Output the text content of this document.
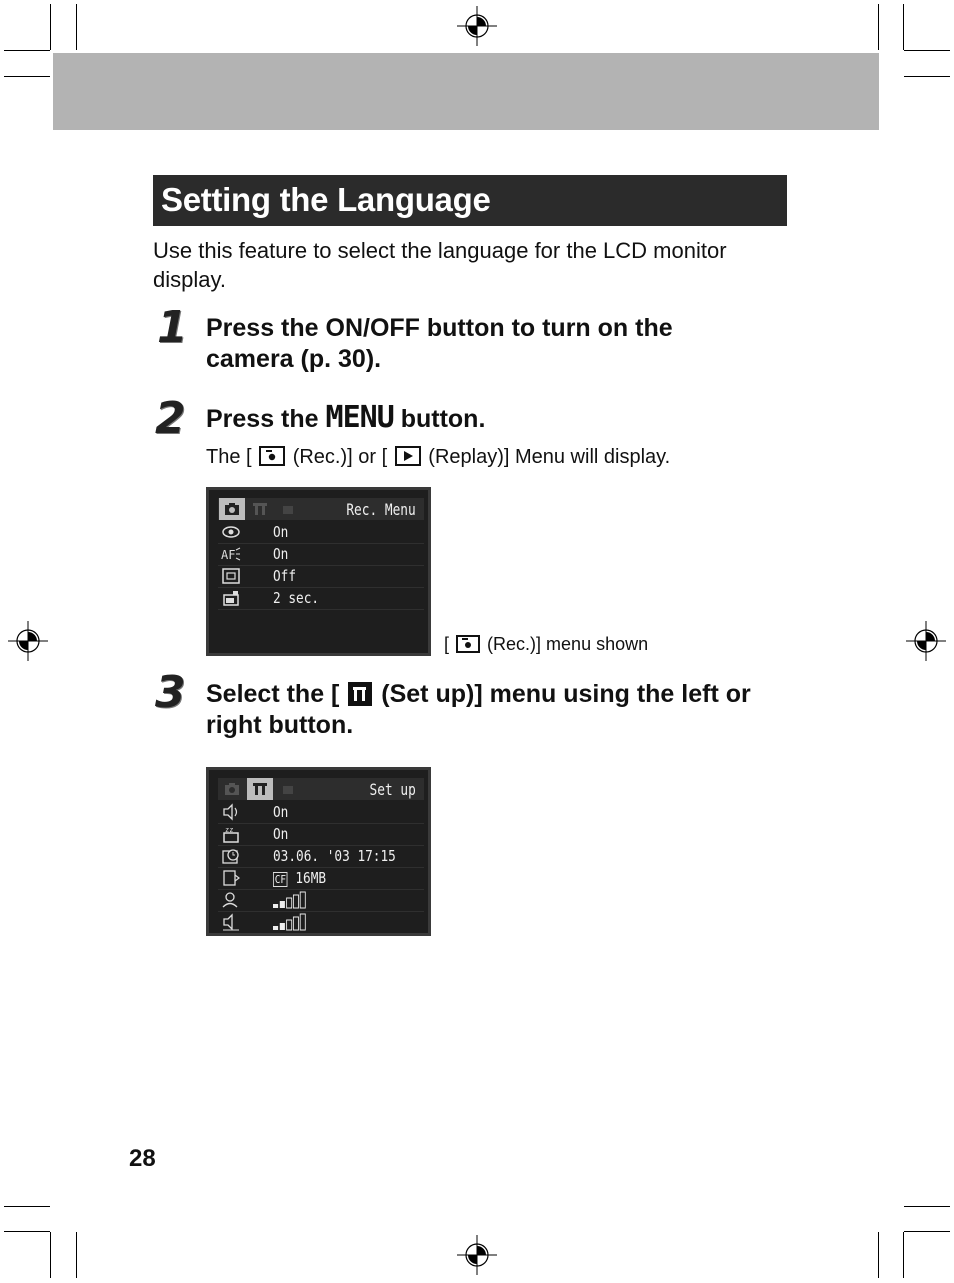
Setting the Language
Use this feature to select the language for the LCD monitor display.
1 Press the ON/OFF button to turn on the camera (p. 30).
2 Press the MENU button.
The [ (Rec.)] or [ (Replay)] Menu will display.
Rec. Menu
On
AF	On
Off
2 sec.
[ (Rec.)] menu shown
3 Select the [ (Set up)] menu using the left or right button.
Set up
On
zz	On
03.06. '03 17:15
CF 16MB
28
